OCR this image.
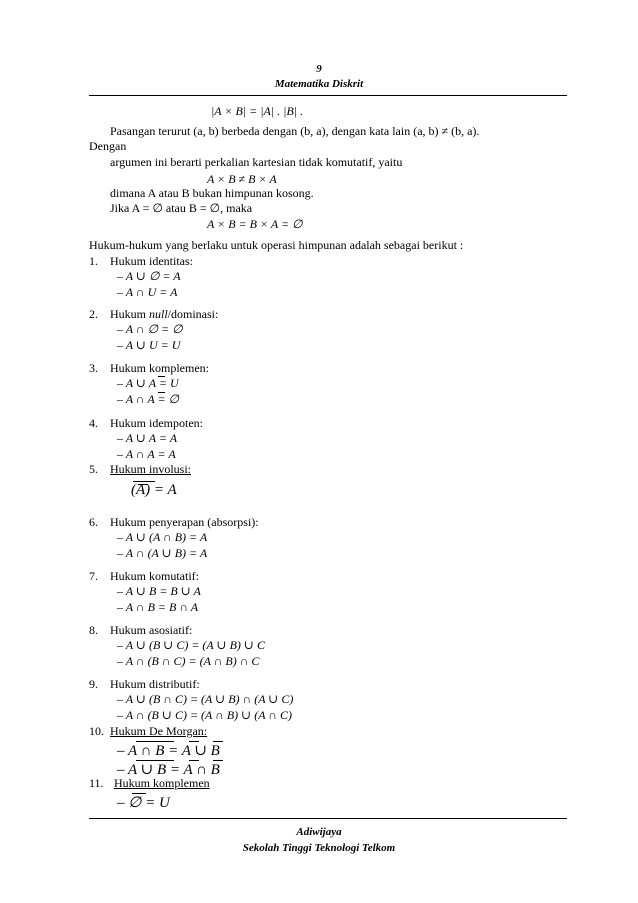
9
Matematika Diskrit
|A × B| = |A| . |B| .
Pasangan terurut (a, b) berbeda dengan (b, a), dengan kata lain (a, b) ≠ (b, a).
Dengan
argumen ini berarti perkalian kartesian tidak komutatif, yaitu
A × B ≠ B × A
dimana A atau B bukan himpunan kosong.
Jika A = ∅ atau B = ∅, maka
A × B = B × A = ∅
Hukum-hukum yang berlaku untuk operasi himpunan adalah sebagai berikut :
1. Hukum identitas:
– A ∪ ∅ = A
– A ∩ U = A
2. Hukum null/dominasi:
– A ∩ ∅ = ∅
– A ∪ U = U
3. Hukum komplemen:
– A ∪ A = U
– A ∩ A = ∅
4. Hukum idempoten:
– A ∪ A = A
– A ∩ A = A
5. Hukum involusi:
(A) = A
6. Hukum penyerapan (absorpsi):
– A ∪ (A ∩ B) = A
– A ∩ (A ∪ B) = A
7. Hukum komutatif:
– A ∪ B = B ∪ A
– A ∩ B = B ∩ A
8. Hukum asosiatif:
– A ∪ (B ∪ C) = (A ∪ B) ∪ C
– A ∩ (B ∩ C) = (A ∩ B) ∩ C
9. Hukum distributif:
– A ∪ (B ∩ C) = (A ∪ B) ∩ (A ∪ C)
– A ∩ (B ∪ C) = (A ∩ B) ∪ (A ∩ C)
10. Hukum De Morgan:
– A ∩ B = A ∪ B
– A ∪ B = A ∩ B
11. Hukum komplemen
– ∅ = U
Adiwijaya
Sekolah Tinggi Teknologi Telkom
